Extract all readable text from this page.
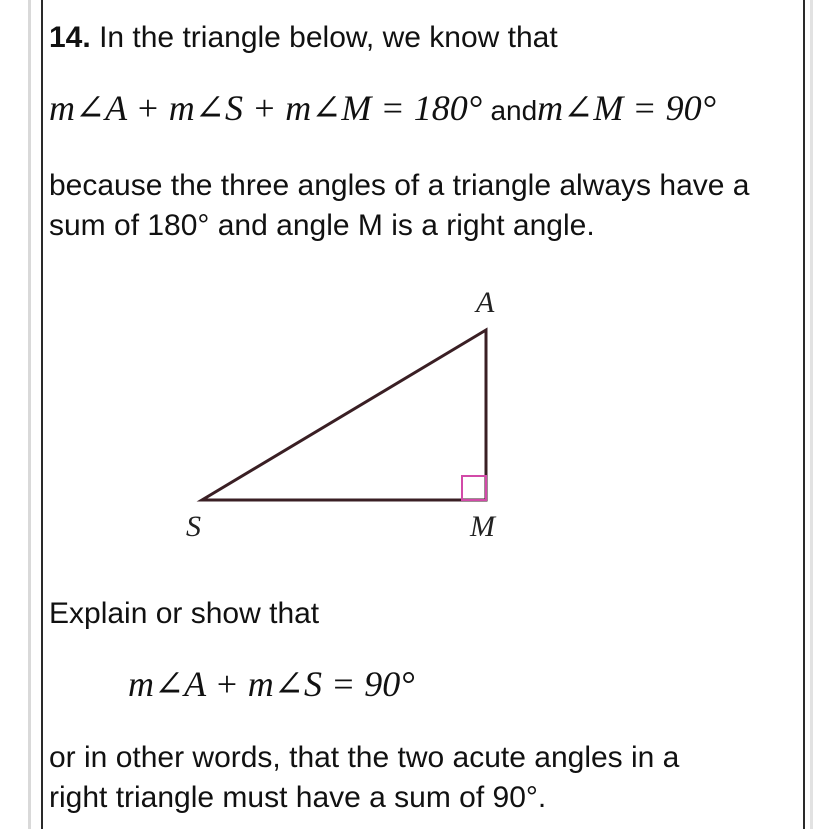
14. In the triangle below, we know that
m∠A + m∠S + m∠M = 180° andm∠M = 90°
because the three angles of a triangle always have a
sum of 180° and angle M is a right angle.
A
S	M
Explain or show that
m∠A + m∠S = 90°
or in other words, that the two acute angles in a
right triangle must have a sum of 90°.
